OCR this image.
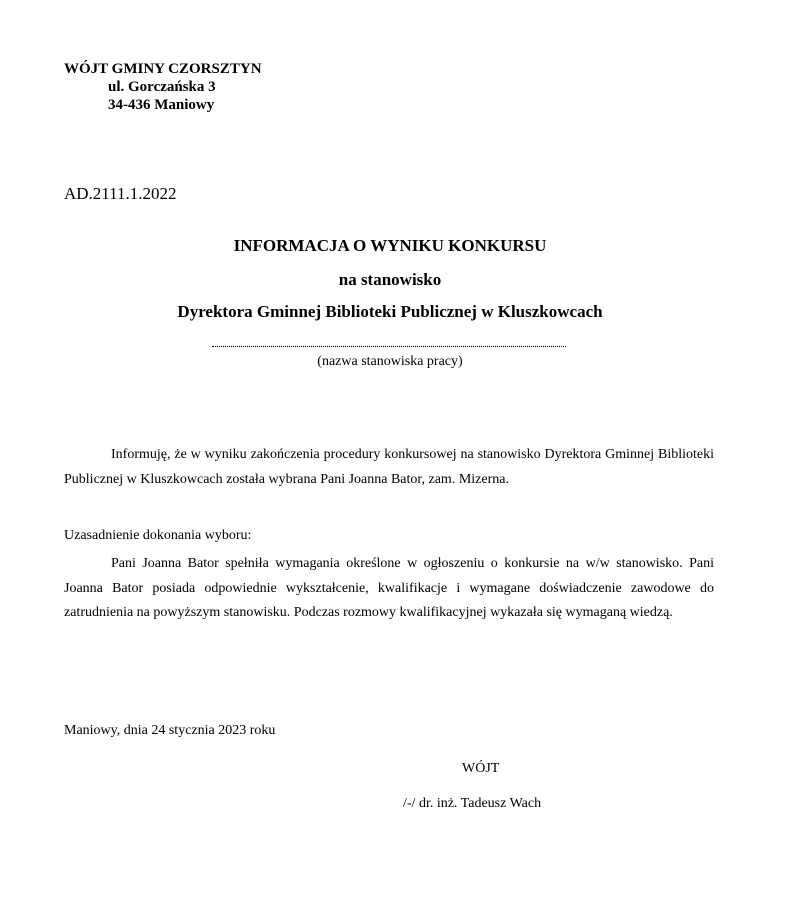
WÓJT GMINY CZORSZTYN
ul. Gorczańska 3
34-436 Maniowy
AD.2111.1.2022
INFORMACJA O WYNIKU KONKURSU
na stanowisko
Dyrektora Gminnej Biblioteki Publicznej w Kluszkowcach
(nazwa stanowiska pracy)
Informuję, że w wyniku zakończenia procedury konkursowej na stanowisko Dyrektora Gminnej Biblioteki Publicznej w Kluszkowcach została wybrana Pani Joanna Bator, zam. Mizerna.
Uzasadnienie dokonania wyboru:
Pani Joanna Bator spełniła wymagania określone w ogłoszeniu o konkursie na w/w stanowisko. Pani Joanna Bator posiada odpowiednie wykształcenie, kwalifikacje i wymagane doświadczenie zawodowe do zatrudnienia na powyższym stanowisku. Podczas rozmowy kwalifikacyjnej wykazała się wymaganą wiedzą.
Maniowy, dnia 24 stycznia 2023 roku
WÓJT
/-/ dr. inż. Tadeusz Wach
